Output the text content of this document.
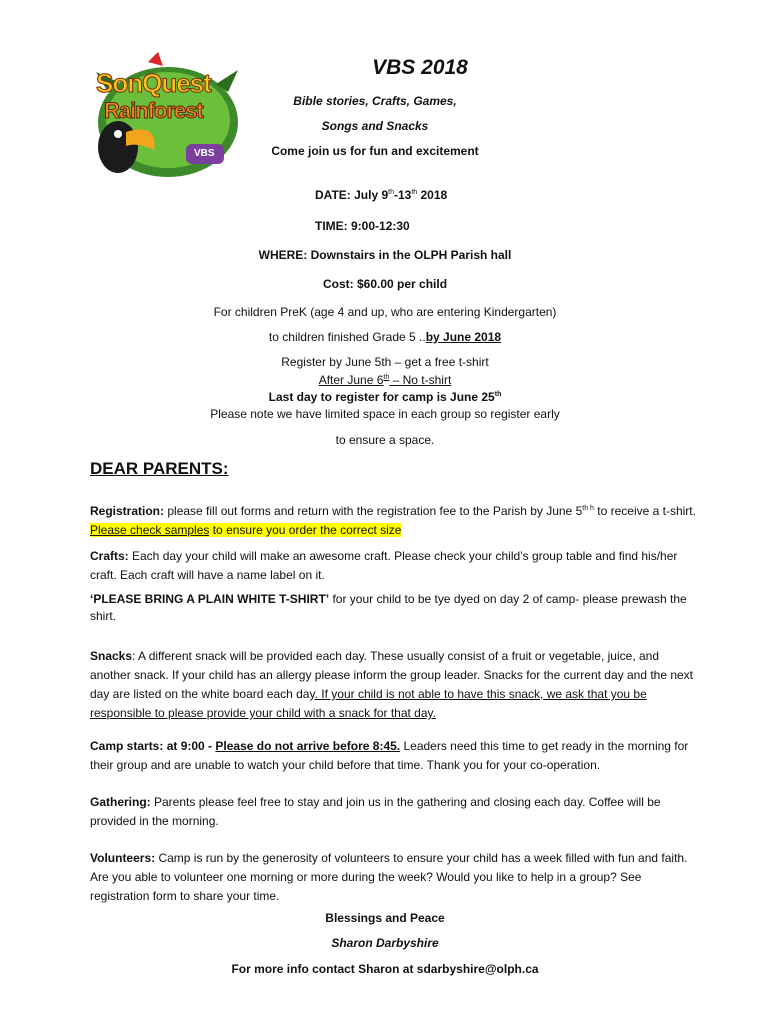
Gospel Light's
SonQuest
Rainforest
VBS
VBS 2018
Bible stories, Crafts, Games,
Songs and Snacks
Come join us for fun and excitement
DATE: July 9th-13th 2018
TIME: 9:00-12:30
WHERE: Downstairs in the OLPH Parish hall
Cost: $60.00 per child
For children PreK (age 4 and up, who are entering Kindergarten)
to children finished Grade 5 ..by June 2018
Register by June 5th – get a free t-shirt
After June 6th – No t-shirt
Last day to register for camp is June 25th
Please note we have limited space in each group so register early
to ensure a space.
DEAR PARENTS:
Registration: please fill out forms and return with the registration fee to the Parish by June $5^{th h}$ to receive a t-shirt. Please check samples to ensure you order the correct size
Crafts: Each day your child will make an awesome craft. Please check your child’s group table and find his/her craft. Each craft will have a name label on it.
‘PLEASE BRING A PLAIN WHITE T-SHIRT’ for your child to be tye dyed on day 2 of camp- please prewash the shirt.
Snacks: A different snack will be provided each day. These usually consist of a fruit or vegetable, juice, and another snack. If your child has an allergy please inform the group leader. Snacks for the current day and the next day are listed on the white board each day. If your child is not able to have this snack, we ask that you be responsible to please provide your child with a snack for that day.
Camp starts: at 9:00 - Please do not arrive before 8:45. Leaders need this time to get ready in the morning for their group and are unable to watch your child before that time. Thank you for your co-operation.
Gathering: Parents please feel free to stay and join us in the gathering and closing each day. Coffee will be provided in the morning.
Volunteers: Camp is run by the generosity of volunteers to ensure your child has a week filled with fun and faith. Are you able to volunteer one morning or more during the week? Would you like to help in a group? See registration form to share your time.
Blessings and Peace
Sharon Darbyshire
For more info contact Sharon at sdarbyshire@olph.ca
